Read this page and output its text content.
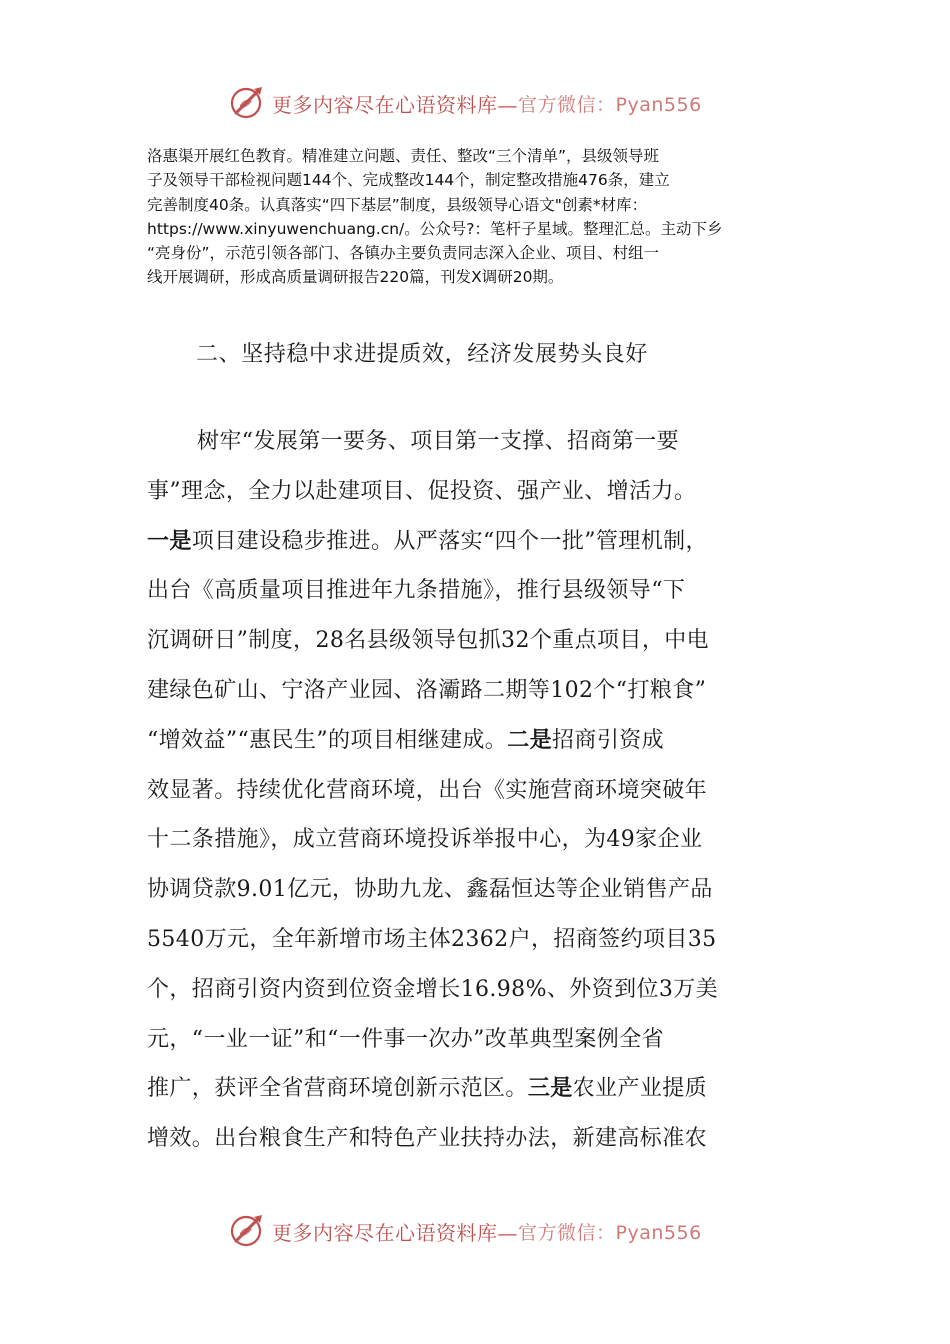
更多内容尽在心语资料库— 官方微信：Pyan556
洛惠渠开展红色教育。精准建立问题、责任、整改“三个清单”，县级领导班
子及领导干部检视问题144个、完成整改144个，制定整改措施476条，建立
完善制度40条。认真落实“四下基层”制度，县级领导心语文"创素*材库：
https://www.xinyuwenchuang.cn/。公众号?：笔杆子星域。整理汇总。主动下乡
“亮身份”，示范引领各部门、各镇办主要负责同志深入企业、项目、村组一
线开展调研，形成高质量调研报告220篇，刊发X调研20期。
二、坚持稳中求进提质效，经济发展势头良好
树牢“发展第一要务、项目第一支撑、招商第一要
事”理念，全力以赴建项目、促投资、强产业、增活力。
一是项目建设稳步推进。从严落实“四个一批”管理机制，
出台《高质量项目推进年九条措施》，推行县级领导“下
沉调研日”制度，28名县级领导包抓32个重点项目，中电
建绿色矿山、宁洛产业园、洛灞路二期等102个“打粮食”
“增效益”“惠民生”的项目相继建成。二是招商引资成
效显著。持续优化营商环境，出台《实施营商环境突破年
十二条措施》，成立营商环境投诉举报中心，为49家企业
协调贷款9.01亿元，协助九龙、鑫磊恒达等企业销售产品
5540万元，全年新增市场主体2362户，招商签约项目35
个，招商引资内资到位资金增长16.98%、外资到位3万美
元，“一业一证”和“一件事一次办”改革典型案例全省
推广，获评全省营商环境创新示范区。三是农业产业提质
增效。出台粮食生产和特色产业扶持办法，新建高标准农
更多内容尽在心语资料库— 官方微信：Pyan556
